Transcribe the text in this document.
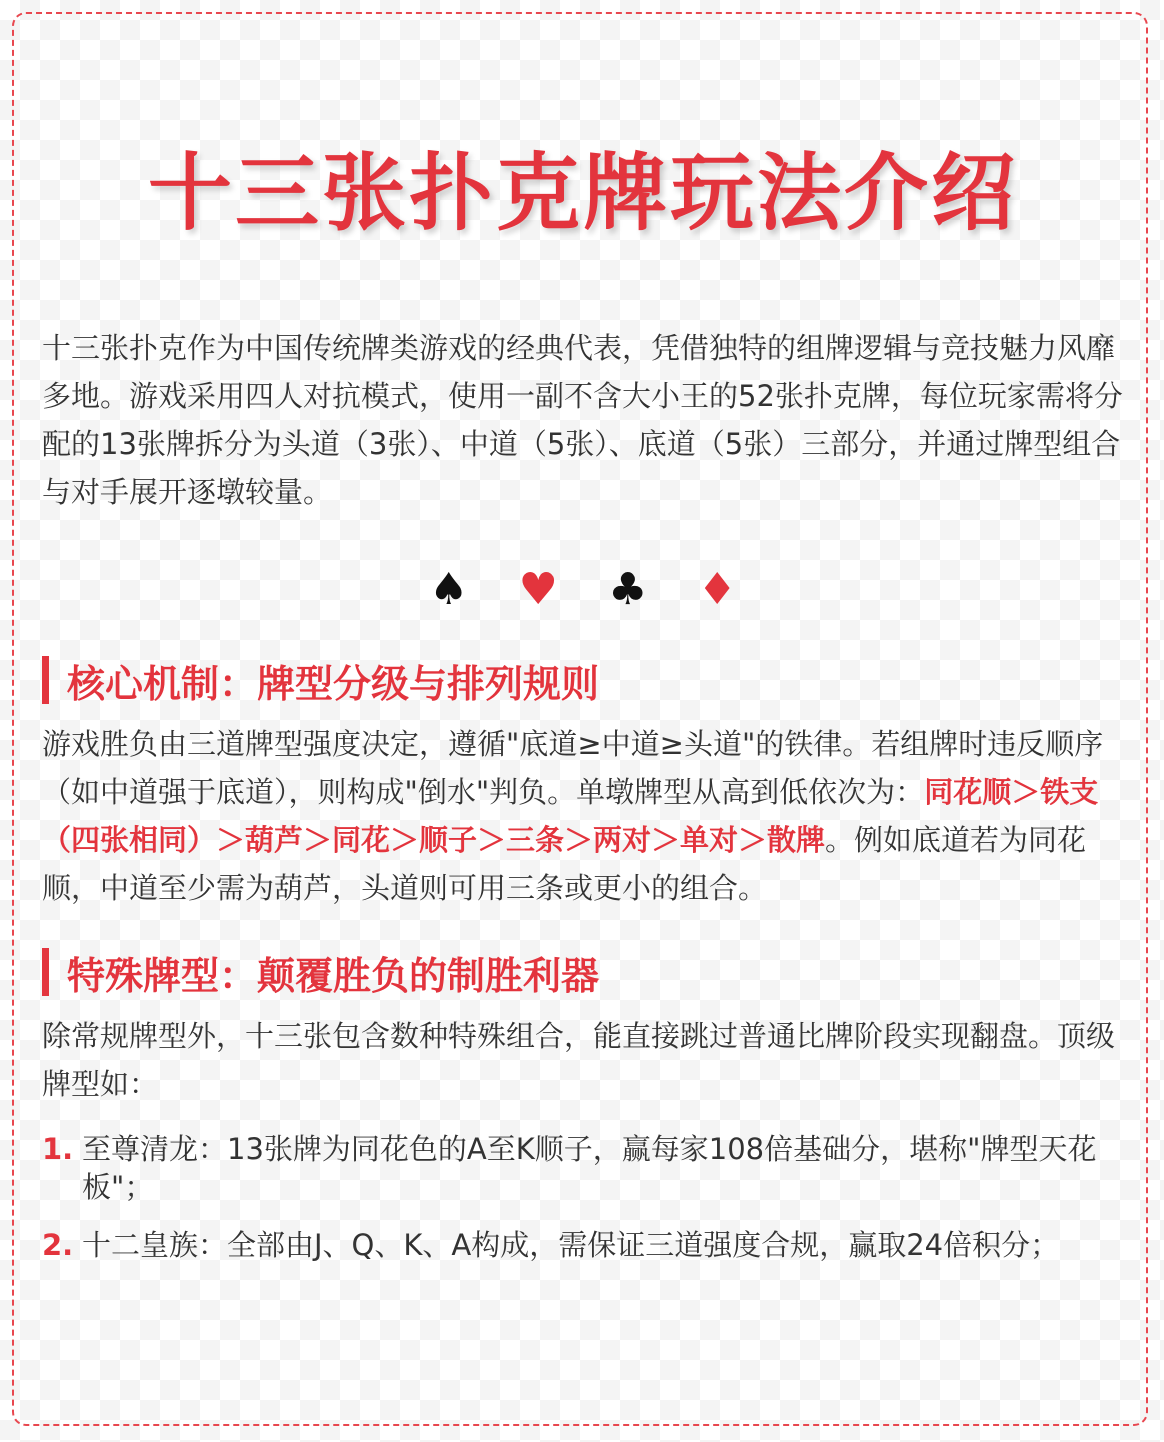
十三张扑克牌玩法介绍

十三张扑克作为中国传统牌类游戏的经典代表，凭借独特的组牌逻辑与竞技魅力风靡多地。游戏采用四人对抗模式，使用一副不含大小王的52张扑克牌，每位玩家需将分配的13张牌拆分为头道（3张）、中道（5张）、底道（5张）三部分，并通过牌型组合与对手展开逐墩较量。

♠ ♥ ♣ ♦
核心机制：牌型分级与排列规则

游戏胜负由三道牌型强度决定，遵循"底道≥中道≥头道"的铁律。若组牌时违反顺序（如中道强于底道），则构成"倒水"判负。单墩牌型从高到低依次为：同花顺＞铁支（四张相同）＞葫芦＞同花＞顺子＞三条＞两对＞单对＞散牌。例如底道若为同花顺，中道至少需为葫芦，头道则可用三条或更小的组合。

特殊牌型：颠覆胜负的制胜利器

除常规牌型外，十三张包含数种特殊组合，能直接跳过普通比牌阶段实现翻盘。顶级牌型如：

1. 至尊清龙：13张牌为同花色的A至K顺子，赢每家108倍基础分，堪称"牌型天花板"；
2. 十二皇族：全部由J、Q、K、A构成，需保证三道强度合规，赢取24倍积分；
